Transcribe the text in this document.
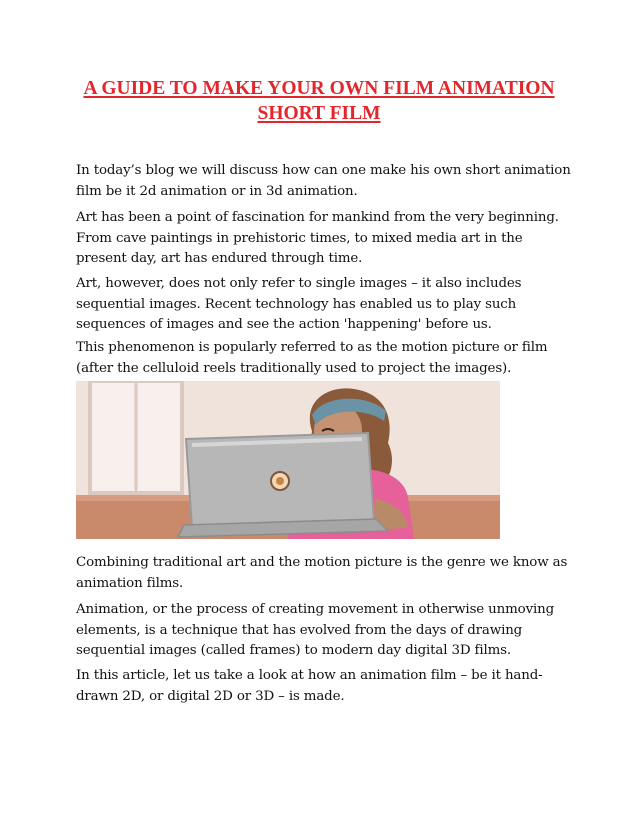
A GUIDE TO MAKE YOUR OWN FILM ANIMATION SHORT FILM

In today’s blog we will discuss how can one make his own short animation film be it 2d animation or in 3d animation.

Art has been a point of fascination for mankind from the very beginning. From cave paintings in prehistoric times, to mixed media art in the present day, art has endured through time.

Art, however, does not only refer to single images – it also includes sequential images. Recent technology has enabled us to play such sequences of images and see the action 'happening' before us.

This phenomenon is popularly referred to as the motion picture or film (after the celluloid reels traditionally used to project the images).

Combining traditional art and the motion picture is the genre we know as animation films.

Animation, or the process of creating movement in otherwise unmoving elements, is a technique that has evolved from the days of drawing sequential images (called frames) to modern day digital 3D films.

In this article, let us take a look at how an animation film – be it hand-drawn 2D, or digital 2D or 3D – is made.
